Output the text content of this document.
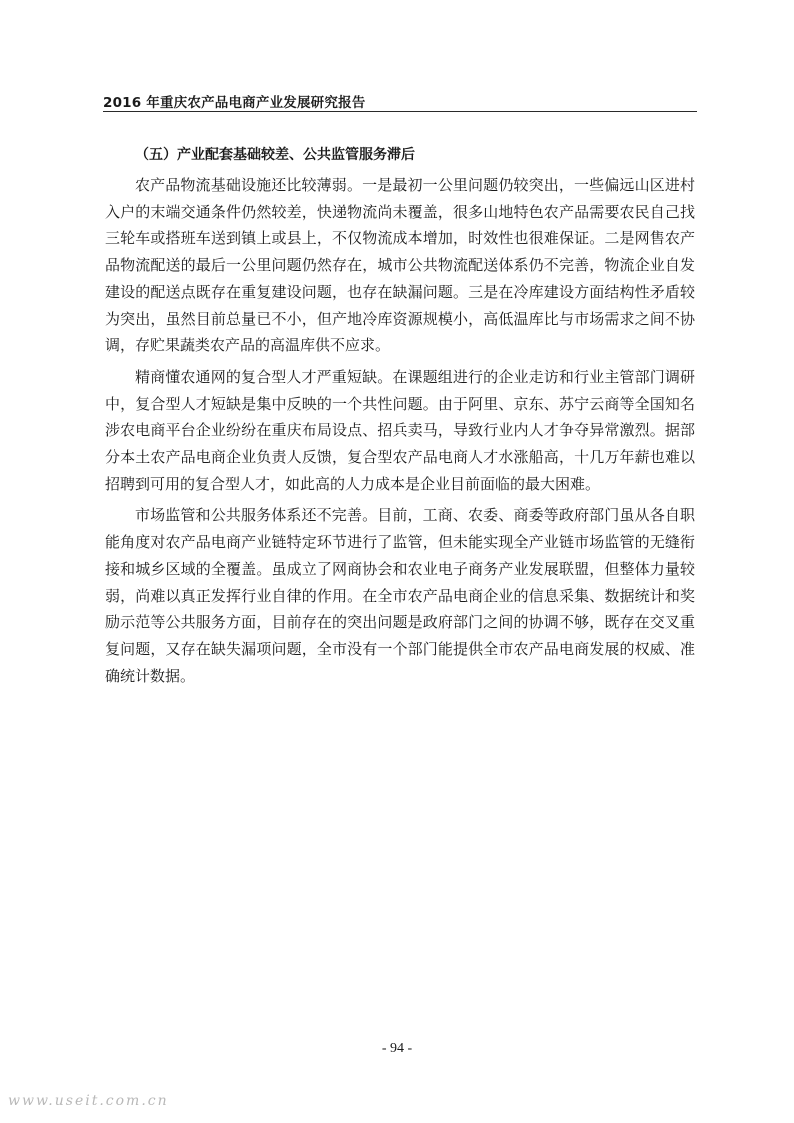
2016 年重庆农产品电商产业发展研究报告
（五）产业配套基础较差、公共监管服务滞后

农产品物流基础设施还比较薄弱。一是最初一公里问题仍较突出，一些偏远山区进村入户的末端交通条件仍然较差，快递物流尚未覆盖，很多山地特色农产品需要农民自己找三轮车或搭班车送到镇上或县上，不仅物流成本增加，时效性也很难保证。二是网售农产品物流配送的最后一公里问题仍然存在，城市公共物流配送体系仍不完善，物流企业自发建设的配送点既存在重复建设问题，也存在缺漏问题。三是在冷库建设方面结构性矛盾较为突出，虽然目前总量已不小，但产地冷库资源规模小，高低温库比与市场需求之间不协调，存贮果蔬类农产品的高温库供不应求。

精商懂农通网的复合型人才严重短缺。在课题组进行的企业走访和行业主管部门调研中，复合型人才短缺是集中反映的一个共性问题。由于阿里、京东、苏宁云商等全国知名涉农电商平台企业纷纷在重庆布局设点、招兵卖马，导致行业内人才争夺异常激烈。据部分本土农产品电商企业负责人反馈，复合型农产品电商人才水涨船高，十几万年薪也难以招聘到可用的复合型人才，如此高的人力成本是企业目前面临的最大困难。

市场监管和公共服务体系还不完善。目前，工商、农委、商委等政府部门虽从各自职能角度对农产品电商产业链特定环节进行了监管，但未能实现全产业链市场监管的无缝衔接和城乡区域的全覆盖。虽成立了网商协会和农业电子商务产业发展联盟，但整体力量较弱，尚难以真正发挥行业自律的作用。在全市农产品电商企业的信息采集、数据统计和奖励示范等公共服务方面，目前存在的突出问题是政府部门之间的协调不够，既存在交叉重复问题，又存在缺失漏项问题，全市没有一个部门能提供全市农产品电商发展的权威、准确统计数据。

- 94 -
www.useit.com.cn
